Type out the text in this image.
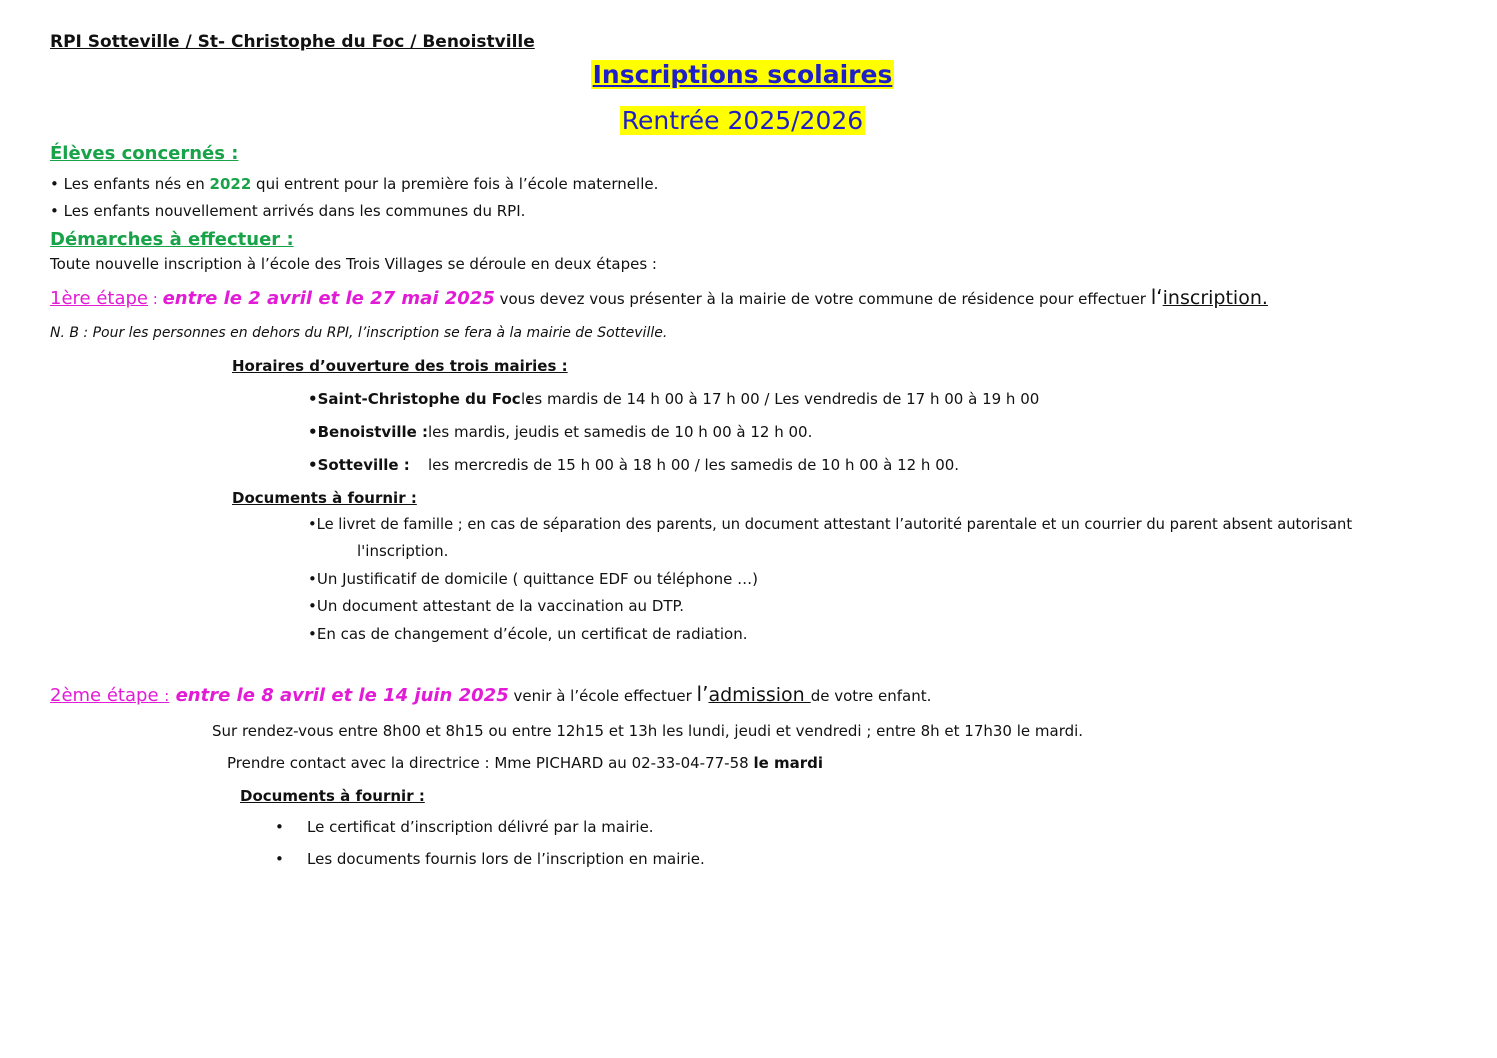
RPI Sotteville / St- Christophe du Foc / Benoistville
Inscriptions scolaires
Rentrée 2025/2026
Élèves concernés :
• Les enfants nés en 2022 qui entrent pour la première fois à l’école maternelle.
• Les enfants nouvellement arrivés dans les communes du RPI.
Démarches à effectuer :
Toute nouvelle inscription à l’école des Trois Villages se déroule en deux étapes :
1ère étape : entre le 2 avril et le 27 mai 2025 vous devez vous présenter à la mairie de votre commune de résidence pour effectuer l‘inscription.
N. B : Pour les personnes en dehors du RPI, l’inscription se fera à la mairie de Sotteville.
Horaires d’ouverture des trois mairies :
•Saint-Christophe du Foc :
les mardis de 14 h 00 à 17 h 00 / Les vendredis de 17 h 00 à 19 h 00
•Benoistville : les mardis, jeudis et samedis de 10 h 00 à 12 h 00.
•Sotteville : les mercredis de 15 h 00 à 18 h 00 / les samedis de 10 h 00 à 12 h 00.
Documents à fournir :
•Le livret de famille ; en cas de séparation des parents, un document attestant l’autorité parentale et un courrier du parent absent autorisant
l'inscription.
•Un Justificatif de domicile ( quittance EDF ou téléphone …)
•Un document attestant de la vaccination au DTP.
•En cas de changement d’école, un certificat de radiation.
2ème étape : entre le 8 avril et le 14 juin 2025 venir à l’école effectuer l’admission de votre enfant.
Sur rendez-vous entre 8h00 et 8h15 ou entre 12h15 et 13h les lundi, jeudi et vendredi ; entre 8h et 17h30 le mardi.
Prendre contact avec la directrice : Mme PICHARD au 02-33-04-77-58 le mardi
Documents à fournir :
• Le certificat d’inscription délivré par la mairie.
• Les documents fournis lors de l’inscription en mairie.
